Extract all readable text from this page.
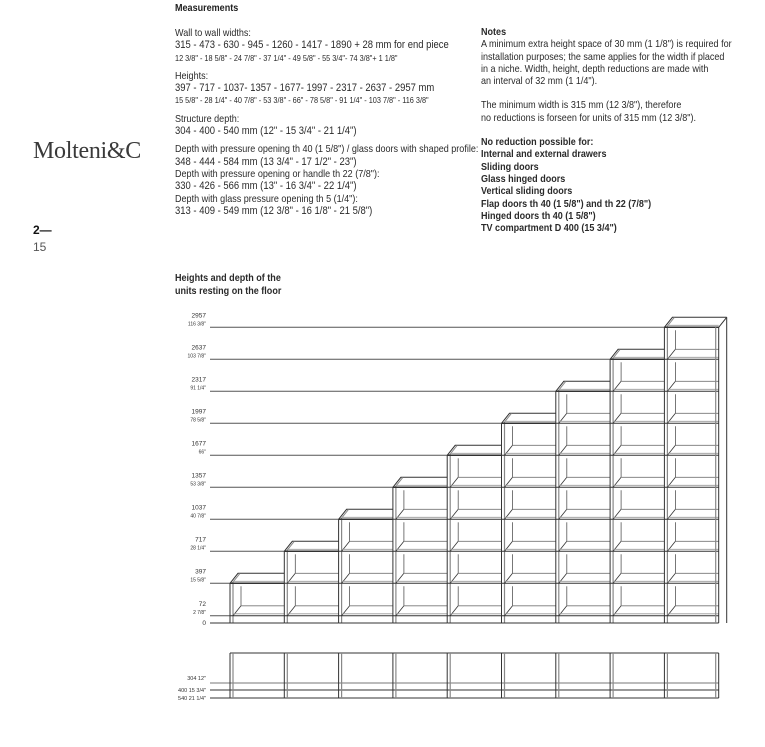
Molteni&C
2—
15
Measurements
Wall to wall widths:
315 - 473 - 630 - 945 - 1260 - 1417 - 1890 + 28 mm for end piece
12 3/8" - 18 5/8" - 24 7/8" - 37 1/4" - 49 5/8" - 55 3/4"- 74 3/8"+ 1 1/8"
Heights:
397 - 717 - 1037- 1357 - 1677- 1997 - 2317 - 2637 - 2957 mm
15 5/8" - 28 1/4" - 40 7/8" - 53 3/8" - 66" - 78 5/8" - 91 1/4" - 103 7/8" - 116 3/8"
Structure depth:
304 - 400 - 540 mm (12" - 15 3/4" - 21 1/4")
Depth with pressure opening th 40 (1 5/8") / glass doors with shaped profile:
348 - 444 - 584 mm (13 3/4" - 17 1/2" - 23")
Depth with pressure opening or handle th 22 (7/8"):
330 - 426 - 566 mm (13" - 16 3/4" - 22 1/4")
Depth with glass pressure opening th 5 (1/4"):
313 - 409 - 549 mm (12 3/8" - 16 1/8" - 21 5/8")
Notes
A minimum extra height space of 30 mm (1 1/8") is required for
installation purposes; the same applies for the width if placed
in a niche. Width, height, depth reductions are made with
an interval of 32 mm (1 1/4").
The minimum width is 315 mm (12 3/8"), therefore
no reductions is forseen for units of 315 mm (12 3/8").
No reduction possible for:
Internal and external drawers
Sliding doors
Glass hinged doors
Vertical sliding doors
Flap doors th 40 (1 5/8") and th 22 (7/8")
Hinged doors th 40 (1 5/8")
TV compartment D 400 (15 3/4")
Heights and depth of the units resting on the floor
2957
116 3/8"
2637
103 7/8"
2317
91 1/4"
1997
78 5/8"
1677
66"
1357
53 3/8"
1037
40 7/8"
717
28 1/4"
397
15 5/8"
72
2 7/8"
0
304 12"
400 15 3/4"
540 21 1/4"
